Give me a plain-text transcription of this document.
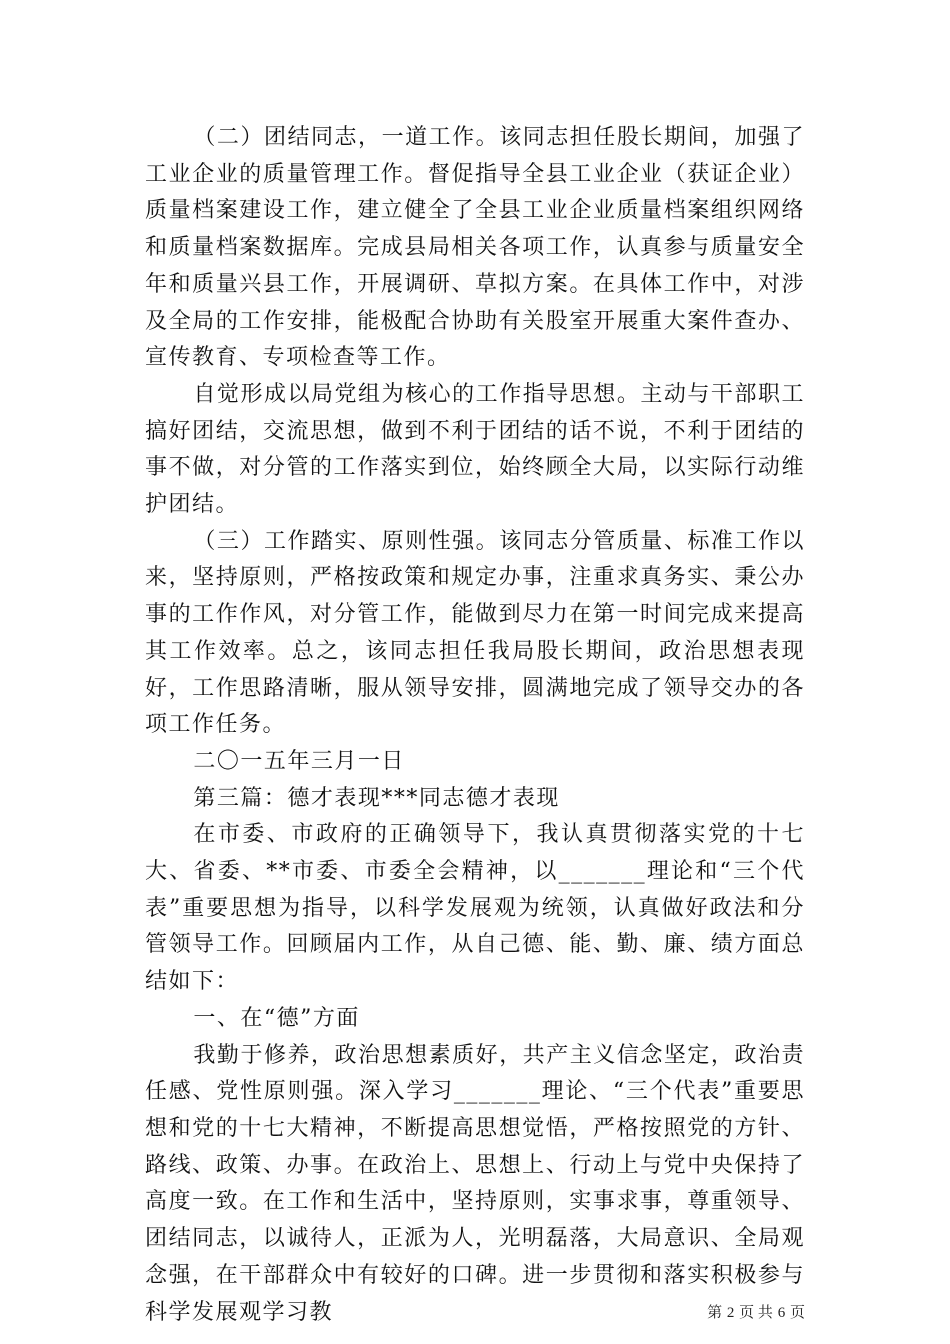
（二）团结同志，一道工作。该同志担任股长期间，加强了工业企业的质量管理工作。督促指导全县工业企业（获证企业）质量档案建设工作，建立健全了全县工业企业质量档案组织网络和质量档案数据库。完成县局相关各项工作，认真参与质量安全年和质量兴县工作，开展调研、草拟方案。在具体工作中，对涉及全局的工作安排，能极配合协助有关股室开展重大案件查办、宣传教育、专项检查等工作。

自觉形成以局党组为核心的工作指导思想。主动与干部职工搞好团结，交流思想，做到不利于团结的话不说，不利于团结的事不做，对分管的工作落实到位，始终顾全大局，以实际行动维护团结。

（三）工作踏实、原则性强。该同志分管质量、标准工作以来，坚持原则，严格按政策和规定办事，注重求真务实、秉公办事的工作作风，对分管工作，能做到尽力在第一时间完成来提高其工作效率。总之，该同志担任我局股长期间，政治思想表现好，工作思路清晰，服从领导安排，圆满地完成了领导交办的各项工作任务。

二〇一五年三月一日

第三篇：德才表现***同志德才表现

在市委、市政府的正确领导下，我认真贯彻落实党的十七大、省委、**市委、市委全会精神，以_______理论和“三个代表”重要思想为指导，以科学发展观为统领，认真做好政法和分管领导工作。回顾届内工作，从自己德、能、勤、廉、绩方面总结如下：

一、在“德”方面

我勤于修养，政治思想素质好，共产主义信念坚定，政治责任感、党性原则强。深入学习_______理论、“三个代表”重要思想和党的十七大精神，不断提高思想觉悟，严格按照党的方针、路线、政策、办事。在政治上、思想上、行动上与党中央保持了高度一致。在工作和生活中，坚持原则，实事求事，尊重领导、团结同志，以诚待人，正派为人，光明磊落，大局意识、全局观念强，在干部群众中有较好的口碑。进一步贯彻和落实积极参与科学发展观学习教	第 2 页 共 6 页
